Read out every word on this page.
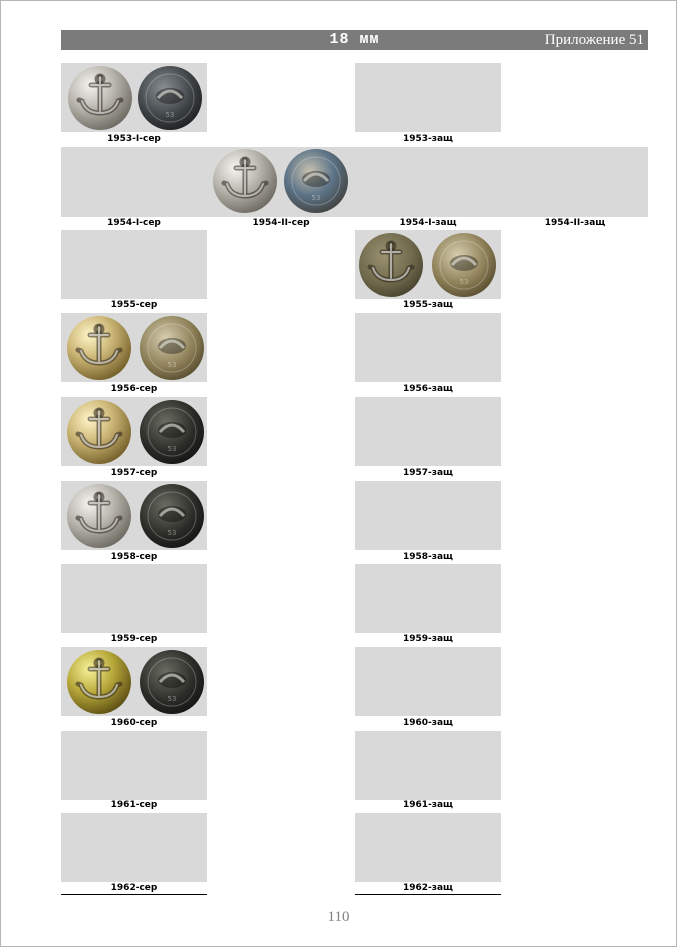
18 мм	Приложение 51
1953-I-сер	1953-защ
1954-I-сер	1954-II-сер	1954-I-защ	1954-II-защ
1955-сер	1955-защ
1956-сер	1956-защ
1957-сер	1957-защ
1958-сер	1958-защ
1959-сер	1959-защ
1960-сер	1960-защ
1961-сер	1961-защ
1962-сер	1962-защ
110
